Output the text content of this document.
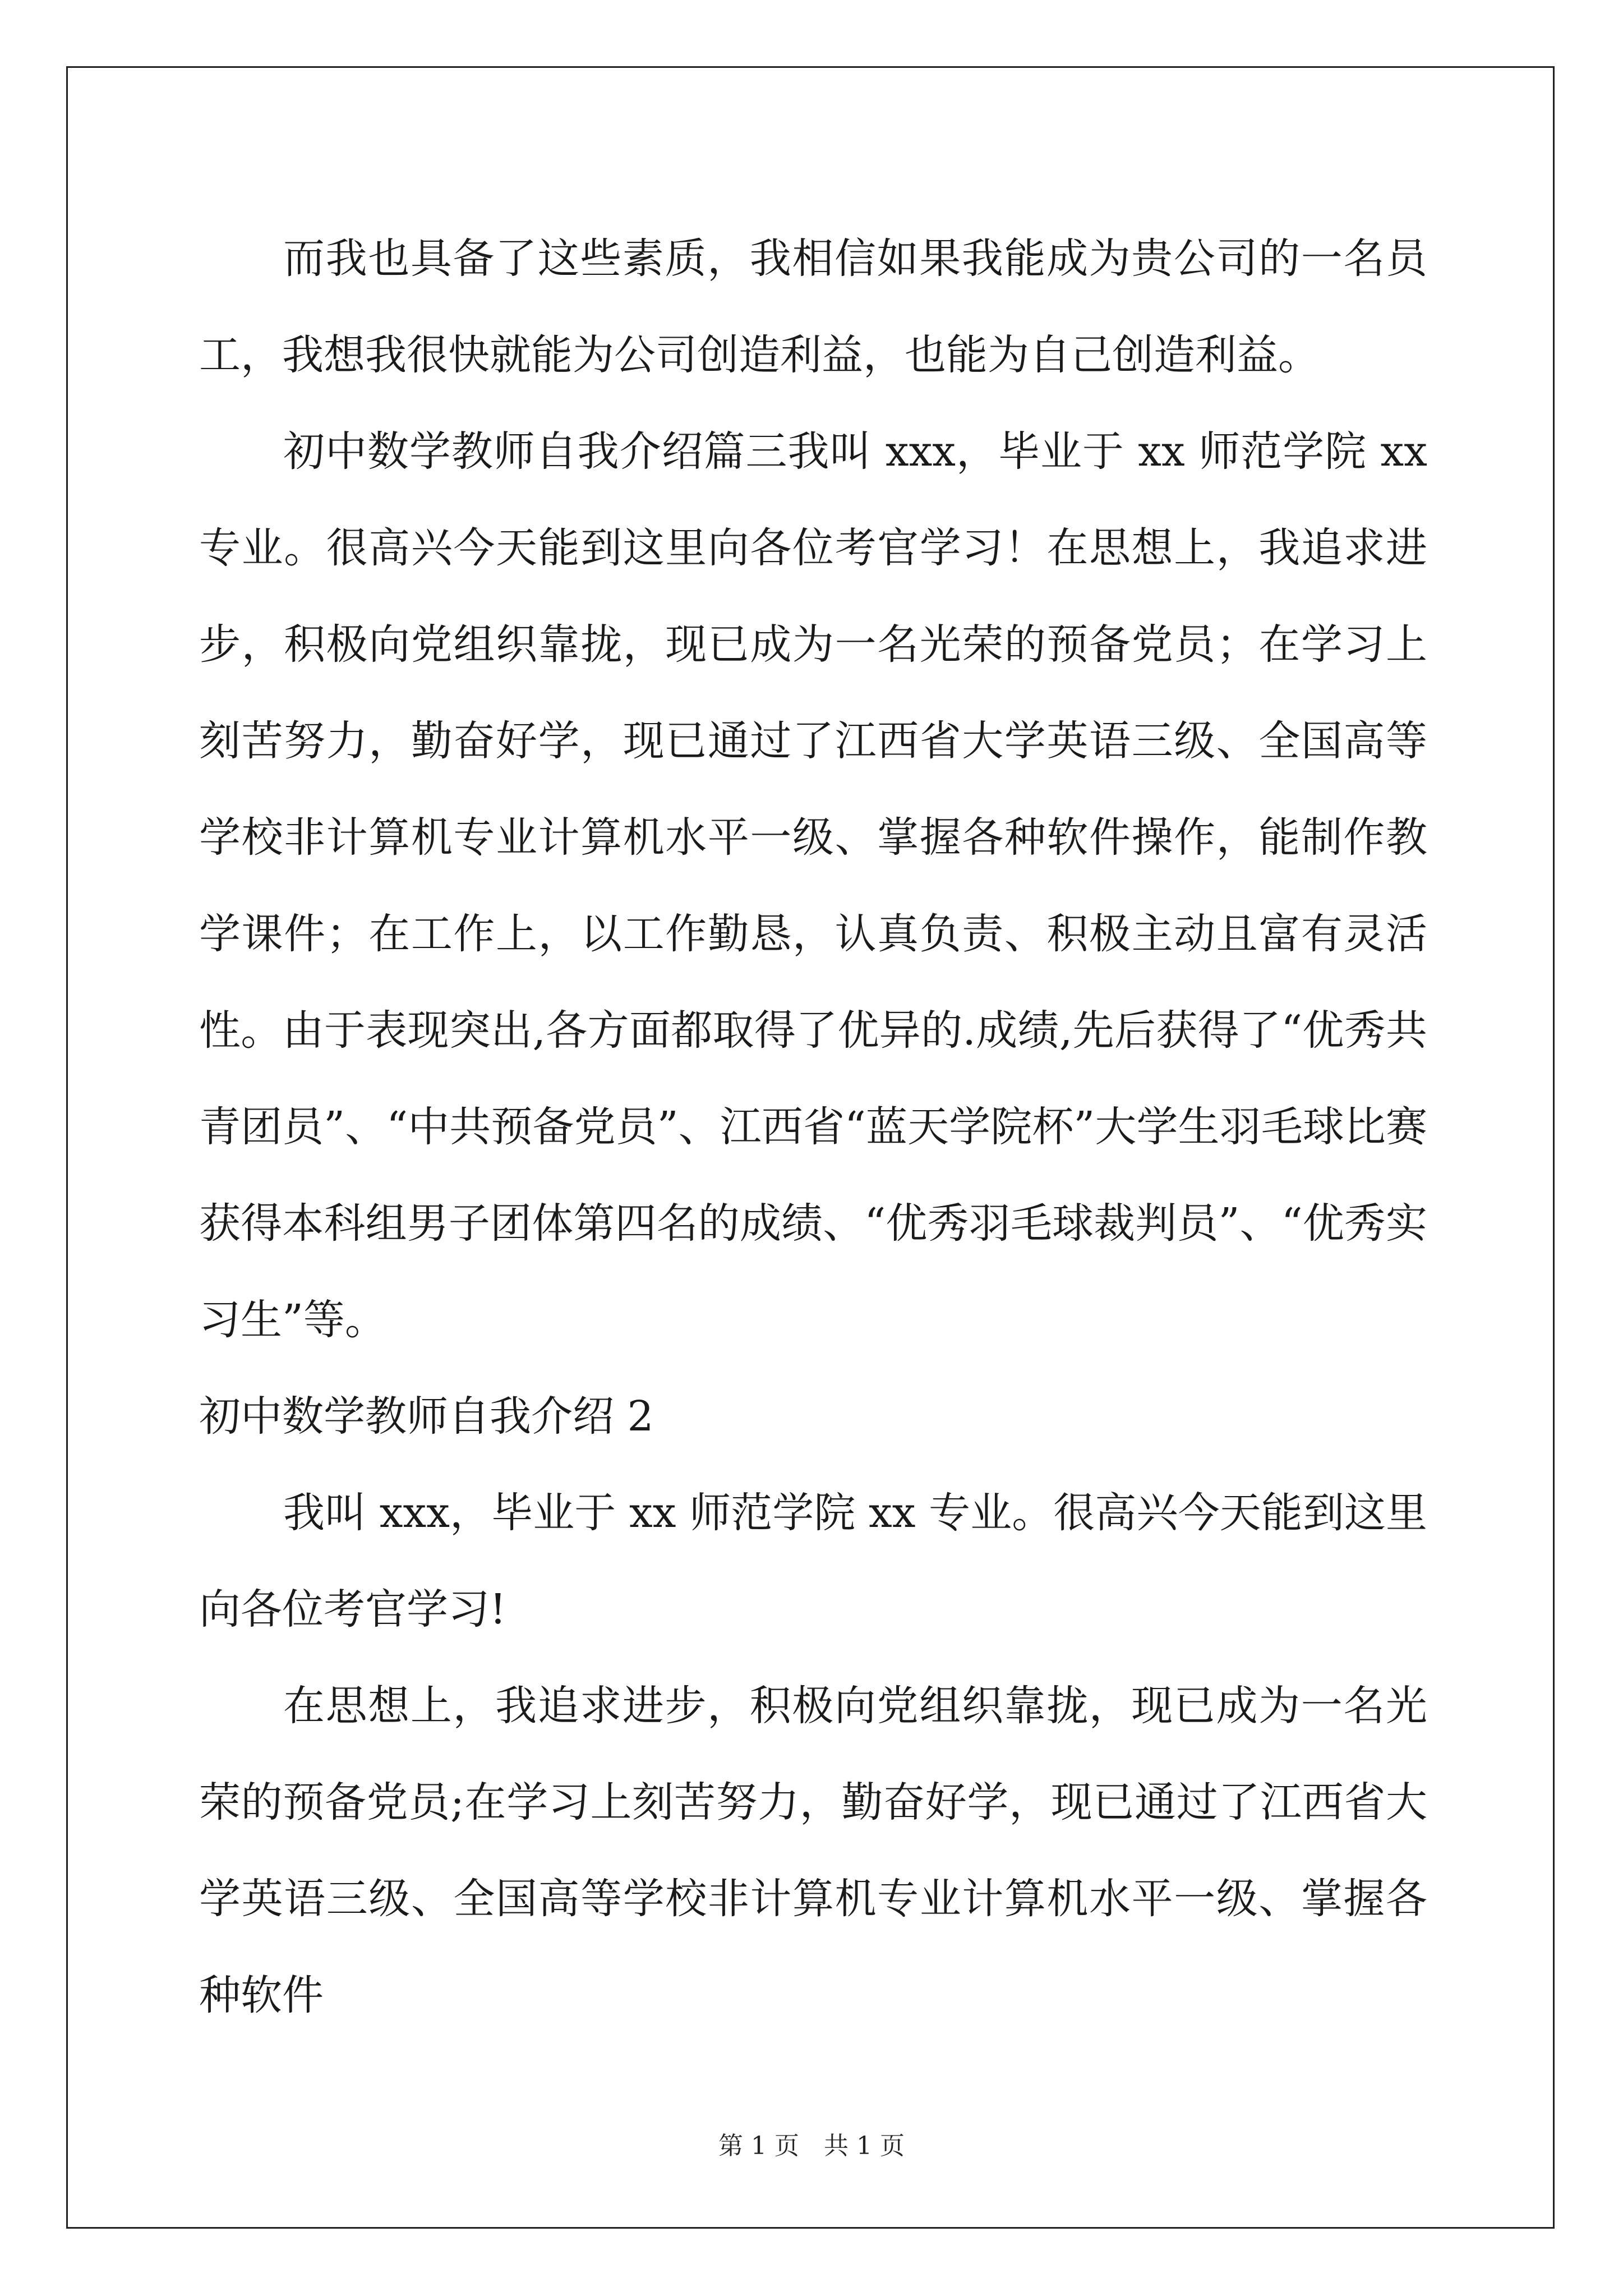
而我也具备了这些素质，我相信如果我能成为贵公司的一名员工，我想我很快就能为公司创造利益，也能为自己创造利益。

初中数学教师自我介绍篇三我叫 xxx，毕业于 xx 师范学院 xx 专业。很高兴今天能到这里向各位考官学习！在思想上，我追求进步，积极向党组织靠拢，现已成为一名光荣的预备党员；在学习上刻苦努力，勤奋好学，现已通过了江西省大学英语三级、全国高等学校非计算机专业计算机水平一级、掌握各种软件操作，能制作教学课件；在工作上，以工作勤恳，认真负责、积极主动且富有灵活性。由于表现突出,各方面都取得了优异的.成绩,先后获得了“优秀共青团员”、“中共预备党员”、江西省“蓝天学院杯”大学生羽毛球比赛获得本科组男子团体第四名的成绩、“优秀羽毛球裁判员”、“优秀实习生”等。

初中数学教师自我介绍 2

我叫 xxx，毕业于 xx 师范学院 xx 专业。很高兴今天能到这里向各位考官学习!

在思想上，我追求进步，积极向党组织靠拢，现已成为一名光荣的预备党员;在学习上刻苦努力，勤奋好学，现已通过了江西省大学英语三级、全国高等学校非计算机专业计算机水平一级、掌握各种软件

第 1 页　共 1 页
